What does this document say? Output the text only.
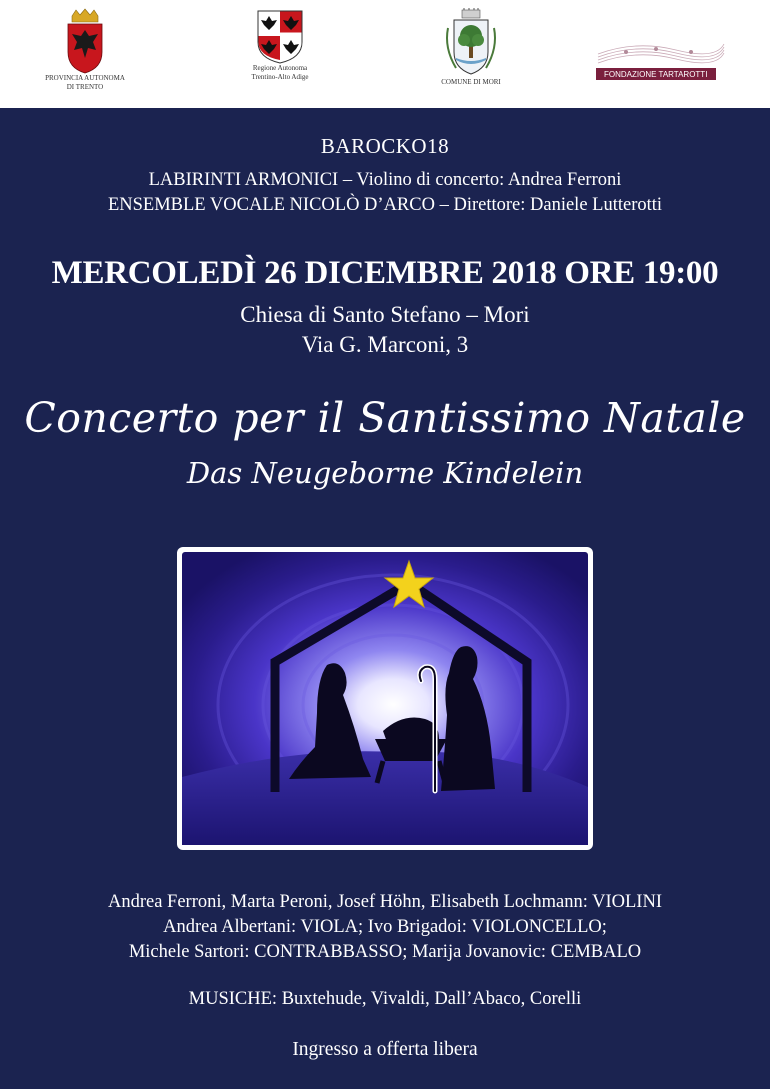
PROVINCIA AUTONOMA
DI TRENTO
Regione Autonoma
Trentino-Alto Adige
COMUNE DI MORI
FONDAZIONE TARTAROTTI
BAROCKO18
LABIRINTI ARMONICI – Violino di concerto: Andrea Ferroni
ENSEMBLE VOCALE NICOLÒ D’ARCO – Direttore: Daniele Lutterotti
MERCOLEDÌ 26 DICEMBRE 2018 ORE 19:00
Chiesa di Santo Stefano – Mori
Via G. Marconi, 3
Concerto per il Santissimo Natale
Das Neugeborne Kindelein
Andrea Ferroni, Marta Peroni, Josef Höhn, Elisabeth Lochmann: VIOLINI
Andrea Albertani: VIOLA; Ivo Brigadoi: VIOLONCELLO;
Michele Sartori: CONTRABBASSO; Marija Jovanovic: CEMBALO
MUSICHE: Buxtehude, Vivaldi, Dall’Abaco, Corelli
Ingresso a offerta libera
